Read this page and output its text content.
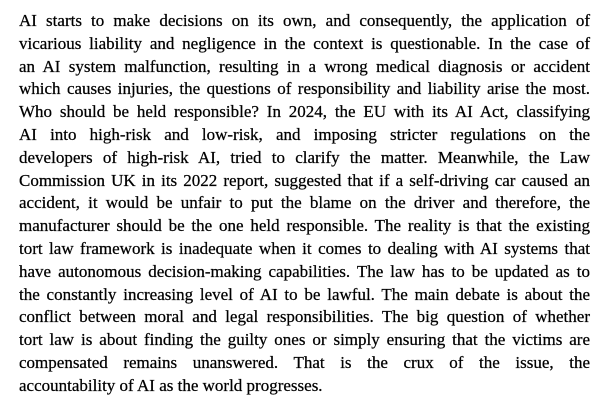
AI starts to make decisions on its own, and consequently, the application of
vicarious liability and negligence in the context is questionable. In the case of
an AI system malfunction, resulting in a wrong medical diagnosis or accident
which causes injuries, the questions of responsibility and liability arise the most.
Who should be held responsible? In 2024, the EU with its AI Act, classifying
AI into high-risk and low-risk, and imposing stricter regulations on the
developers of high-risk AI, tried to clarify the matter. Meanwhile, the Law
Commission UK in its 2022 report, suggested that if a self-driving car caused an
accident, it would be unfair to put the blame on the driver and therefore, the
manufacturer should be the one held responsible. The reality is that the existing
tort law framework is inadequate when it comes to dealing with AI systems that
have autonomous decision-making capabilities. The law has to be updated as to
the constantly increasing level of AI to be lawful. The main debate is about the
conflict between moral and legal responsibilities. The big question of whether
tort law is about finding the guilty ones or simply ensuring that the victims are
compensated remains unanswered. That is the crux of the issue, the
accountability of AI as the world progresses.
